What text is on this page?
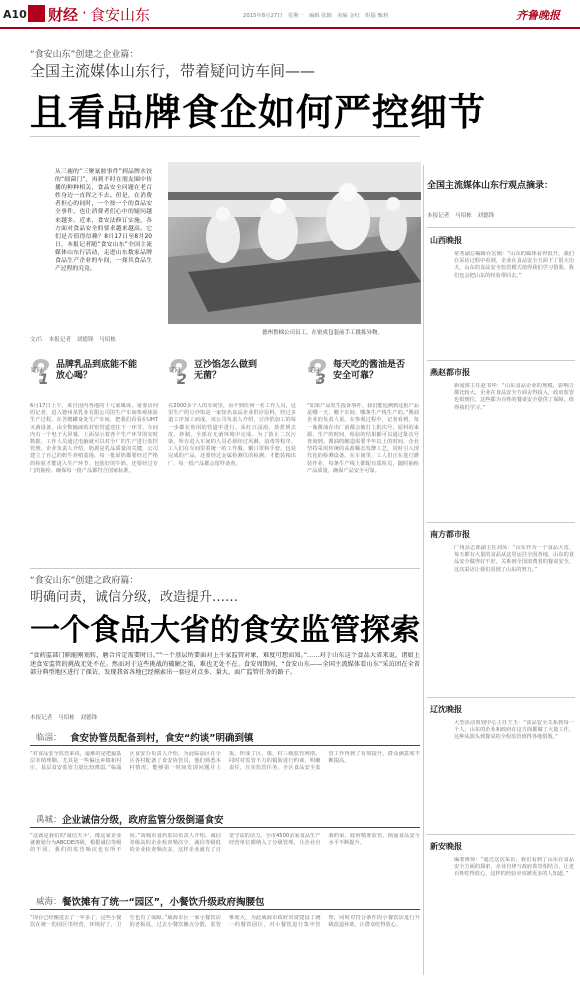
A10 财经 · 食安山东	2015年8月27日　星期一　编辑 张颖　美编 金红　组版 甄莉	齐鲁晚报
“食安山东”创建之企业篇：
全国主流媒体山东行，带着疑问访车间——
且看品牌食企如何严控细节
从三鹿的“三聚氰胺事件”到品牌水饺的“细菌门”，再到不时在朋友圈中传播的种种相关，食品安全问题在老百姓身边一直挥之不去。但是，在消费者担心的同时，一个按一个的食品安全事件，也让消费者们心中的疑问越来越多。近来，食安法修订实施，各方面对食品安全的要求越来越高。它们是否值得信赖？8月17日至8月20日，本报记者随“食安山东”全国主流媒体山东行活动，走进山东数家品牌食品生产企业的车间，一探其食品生产过程的究竟。
德州鲁棉公司员工，在密成包装前手工挑拣异物。
文/片　本报记者　刘德锋　马绍栋
疑问
1
品牌乳品到底能不能放心喝？	疑问
2
豆沙馅怎么做到无菌？	疑问
3
每天吃的酱油是否安全可靠？
6月17日上午，来自国内各地的十几家媒体、重要访问的记者，进入德州某乳业有限公司的生产车间参观体验生产过程。在苦磨罐身处生产车间，把我们看看在UHT灭菌设备，由全数输液的封密管道送往下一环节。车间内有一个电子大屏幕，上面显示着各个生产环节的实时数据，工作人员通过电脑就可以对全厂的生产进行监控管理。企业负责人介绍，奶源是乳品质量的关键，公司建立了自己的奶牛养殖基地，每一批原奶都要经过严格的检验才能进入生产环节。包装好的牛奶，还要经过专门的抽检，确保每一批产品都符合国家标准。
在2000多个人的车间里，看不到任何一名工作人员，这里生产的豆沙馅是一家知名食品企业供应原料，经过多道工序加工而成。该公司负责人介绍，豆沙馅加工的每一步都在密闭的管道中进行，从红豆浸泡、蒸煮到去皮、炒制，全部在无菌环境中完成。为了防止二次污染，所有进入车间的人员必须经过风淋、消毒等程序。工人们在车间里着统一的工作服，戴口罩和手套。包装完成的产品，还要经过金属检测仪的检测，才能装箱出厂，每一批产品都会留样备查。
“如果产品发生投诉事件，我们能追溯到这批产品是哪一天、哪个车间、哪条生产线生产的。”酱油企业的负责人说。在参观过程中，记者看到，每一瓶酱油在出厂前都会被打上批次号，原料的来源、生产的时间、检验的结果都可以通过批次号查询到。酱油的酿造需要半年以上的时间，企业坚持采用传统的高盐稀态发酵工艺，同时引入现代化的检测设备。在车间里，工人们正在进行灌装作业，每条生产线上都配有质检员，随时抽检产品质量，确保产品安全可靠。
“食安山东”创建之政府篇：
明确问责，诚信分级，改造提升……
一个食品大省的食安监管探索
“食药监部门职能刚划转，磨合肯定需要时日。”“一个基层所要面对上千家监管对象，难度可想而知。”……对于山东这个食品大省来说，诸如上述食安监管的挑战无处不在。然而对于这些挑战的破解之策，难也无处不在。食安周期间，“食安山东——全国主流媒体看山东”采访团在全省部分典型地区进行了探访，发现我省各地已经摸索出一套应对点多、量大、面广监管任务的路子。
本报记者　马绍栋　刘德锋
临淄： 食安协管员配备到村，食安“约谈”明确到镇
“对食品安全监管来说，最难的是把最基层末梢理顺，尤其是一些偏远乡镇和村庄，基层食安监管力量比较薄弱。”临淄区食安办负责人介绍，为此临淄区在全区各村配备了食安协管员，他们熟悉本村情况，能够第一时间发现问题并上报，形成了区、镇、村三级监管网络。同时对监管不力的镇街进行约谈，明确责任，压实监管任务，全区食品安全监管工作得到了有效提升，群众满意度不断提高。
禹城： 企业诚信分级，政府监管分级倒逼食安
“这就是我们的'诚信天平'，像这家企业就被划分为ABCDE四级，根据诚信等级的不同，我们的监管频次也有所不同。”禹城市食药监局负责人介绍，诚信等级高的企业检查频次少，诚信等级低的企业检查频次多，这样企业就有了自觉守法的动力。全市4500余家食品生产经营单位都纳入了分级管理，让企业自我约束，政府精准监管，倒逼食品安全水平不断提升。
威海： 餐饮摊有了统一“园区”，小餐饮升级政府掏腰包
“现在已经搬进去了一年多了，这些小餐饮在统一的园区里经营，环境好了，卫生也有了保障。”威海市区一家小餐饮店的老板说。过去小餐饮摊点分散，监管难度大，为此威海市政府出资建设了统一的餐饮园区，对小餐饮进行集中管理，同时对符合条件的小餐饮店进行升级改造补助，让群众吃得放心。
全国主流媒体山东行观点摘录：
本报记者　马绍栋　刘德锋
山西晚报
常务副总编辑乔宏刚：“山东的媒体看得很开，我们在采访过程中看到，企业在食品安全方面下了很大功夫，山东的食品安全监管模式值得我们学习借鉴，我们也会把山东的经验带回去。”
燕赵都市报
新闻部主任赵书华：“山东食品企业的规模，影响力都比较大，企业在食品安全方面舍得投入，政府监管也很到位，这些都为百姓的餐桌安全提供了保障，值得我们学习。”
南方都市报
广州杂志部副主任刘凤：“山东作为一个食品大省，每天都有大量的食品从这里运往全国各地，山东的食品安全做得好不好，关系到全国消费者的餐桌安全，这次采访让我们看到了山东的努力。”
辽沈晚报
大型活动策划中心主任王玉：“食品安全关系到每一个人，山东的企业和政府在这方面都做了大量工作，这种从源头到餐桌的全程监管值得各地借鉴。”
新安晚报
编委蒋琼：“通过这次采访，我们看到了山东在食品安全方面的探索，企业自律与政府监管相结合，让老百姓吃得放心，这样的经验应该被更多的人知道。”
